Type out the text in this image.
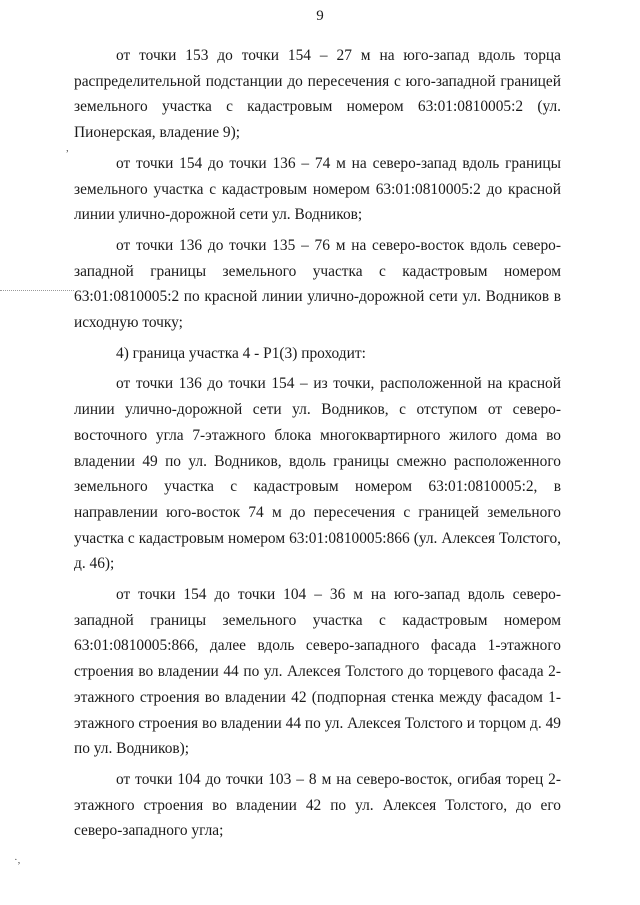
9
,
·,

от точки 153 до точки 154 – 27 м на юго-запад вдоль торца распределительной подстанции до пересечения с юго-западной границей земельного участка с кадастровым номером 63:01:0810005:2 (ул. Пионерская, владение 9);

от точки 154 до точки 136 – 74 м на северо-запад вдоль границы земельного участка с кадастровым номером 63:01:0810005:2 до красной линии улично-дорожной сети ул. Водников;

от точки 136 до точки 135 – 76 м на северо-восток вдоль северо-западной границы земельного участка с кадастровым номером 63:01:0810005:2 по красной линии улично-дорожной сети ул. Водников в исходную точку;

4) граница участка 4 - Р1(3) проходит:

от точки 136 до точки 154 – из точки, расположенной на красной линии улично-дорожной сети ул. Водников, с отступом от северо-восточного угла 7-этажного блока многоквартирного жилого дома во владении 49 по ул. Водников, вдоль границы смежно расположенного земельного участка с кадастровым номером 63:01:0810005:2, в направлении юго-восток 74 м до пересечения с границей земельного участка с кадастровым номером 63:01:0810005:866 (ул. Алексея Толстого, д. 46);

от точки 154 до точки 104 – 36 м на юго-запад вдоль северо-западной границы земельного участка с кадастровым номером 63:01:0810005:866, далее вдоль северо-западного фасада 1-этажного строения во владении 44 по ул. Алексея Толстого до торцевого фасада 2-этажного строения во владении 42 (подпорная стенка между фасадом 1-этажного строения во владении 44 по ул. Алексея Толстого и торцом д. 49 по ул. Водников);

от точки 104 до точки 103 – 8 м на северо-восток, огибая торец 2-этажного строения во владении 42 по ул. Алексея Толстого, до его северо-западного угла;
